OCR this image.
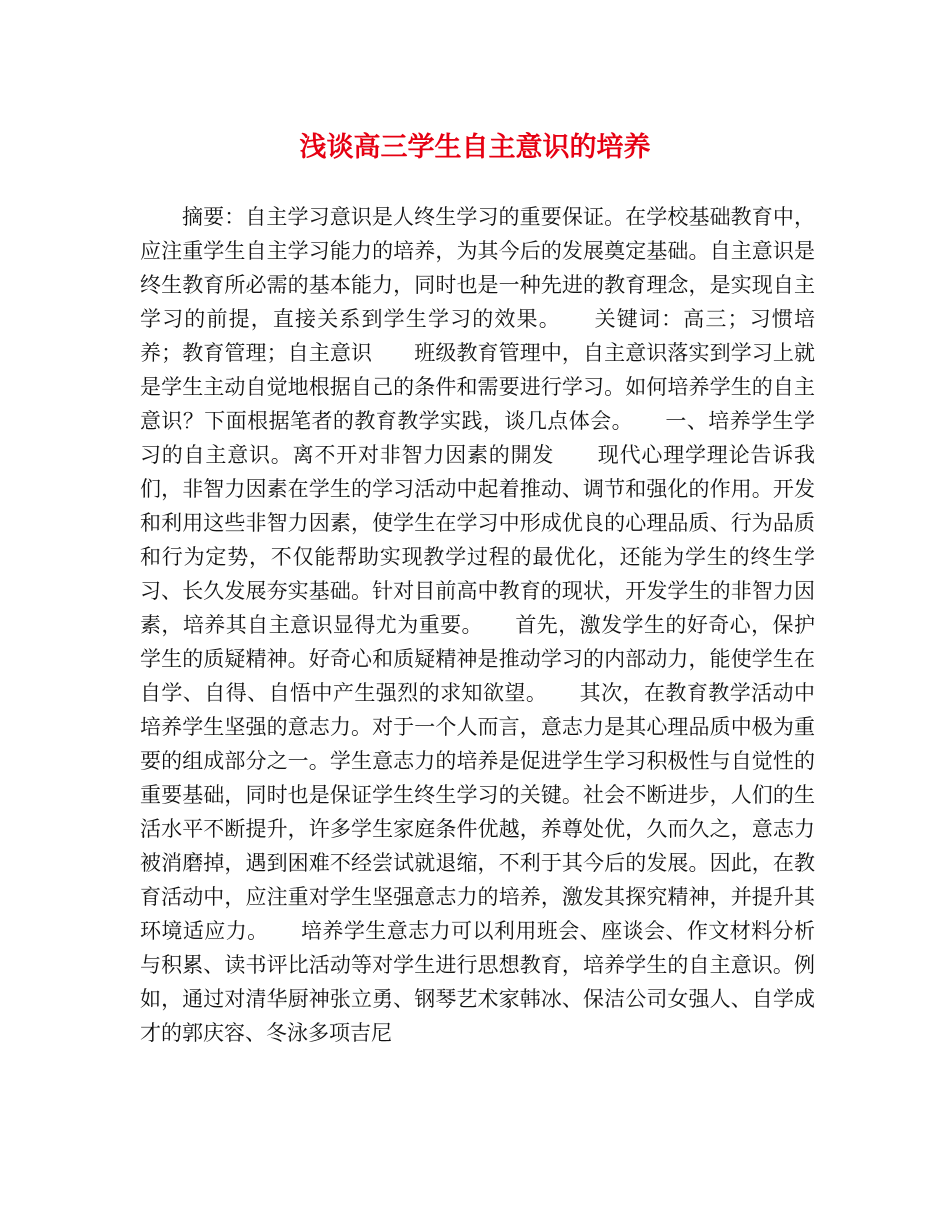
浅谈高三学生自主意识的培养

摘要：自主学习意识是人终生学习的重要保证。在学校基础教育中，应注重学生自主学习能力的培养，为其今后的发展奠定基础。自主意识是终生教育所必需的基本能力，同时也是一种先进的教育理念，是实现自主学习的前提，直接关系到学生学习的效果。　　关键词：高三；习惯培养；教育管理；自主意识　　班级教育管理中，自主意识落实到学习上就是学生主动自觉地根据自己的条件和需要进行学习。如何培养学生的自主意识？下面根据笔者的教育教学实践，谈几点体会。　　一、培养学生学习的自主意识。离不开对非智力因素的開发　　现代心理学理论告诉我们，非智力因素在学生的学习活动中起着推动、调节和强化的作用。开发和利用这些非智力因素，使学生在学习中形成优良的心理品质、行为品质和行为定势，不仅能帮助实现教学过程的最优化，还能为学生的终生学习、长久发展夯实基础。针对目前高中教育的现状，开发学生的非智力因素，培养其自主意识显得尤为重要。　　首先，激发学生的好奇心，保护学生的质疑精神。好奇心和质疑精神是推动学习的内部动力，能使学生在自学、自得、自悟中产生强烈的求知欲望。　　其次，在教育教学活动中培养学生坚强的意志力。对于一个人而言，意志力是其心理品质中极为重要的组成部分之一。学生意志力的培养是促进学生学习积极性与自觉性的重要基础，同时也是保证学生终生学习的关键。社会不断进步，人们的生活水平不断提升，许多学生家庭条件优越，养尊处优，久而久之，意志力被消磨掉，遇到困难不经尝试就退缩，不利于其今后的发展。因此，在教育活动中，应注重对学生坚强意志力的培养，激发其探究精神，并提升其环境适应力。　　培养学生意志力可以利用班会、座谈会、作文材料分析与积累、读书评比活动等对学生进行思想教育，培养学生的自主意识。例如，通过对清华厨神张立勇、钢琴艺术家韩冰、保洁公司女强人、自学成才的郭庆容、冬泳多项吉尼
